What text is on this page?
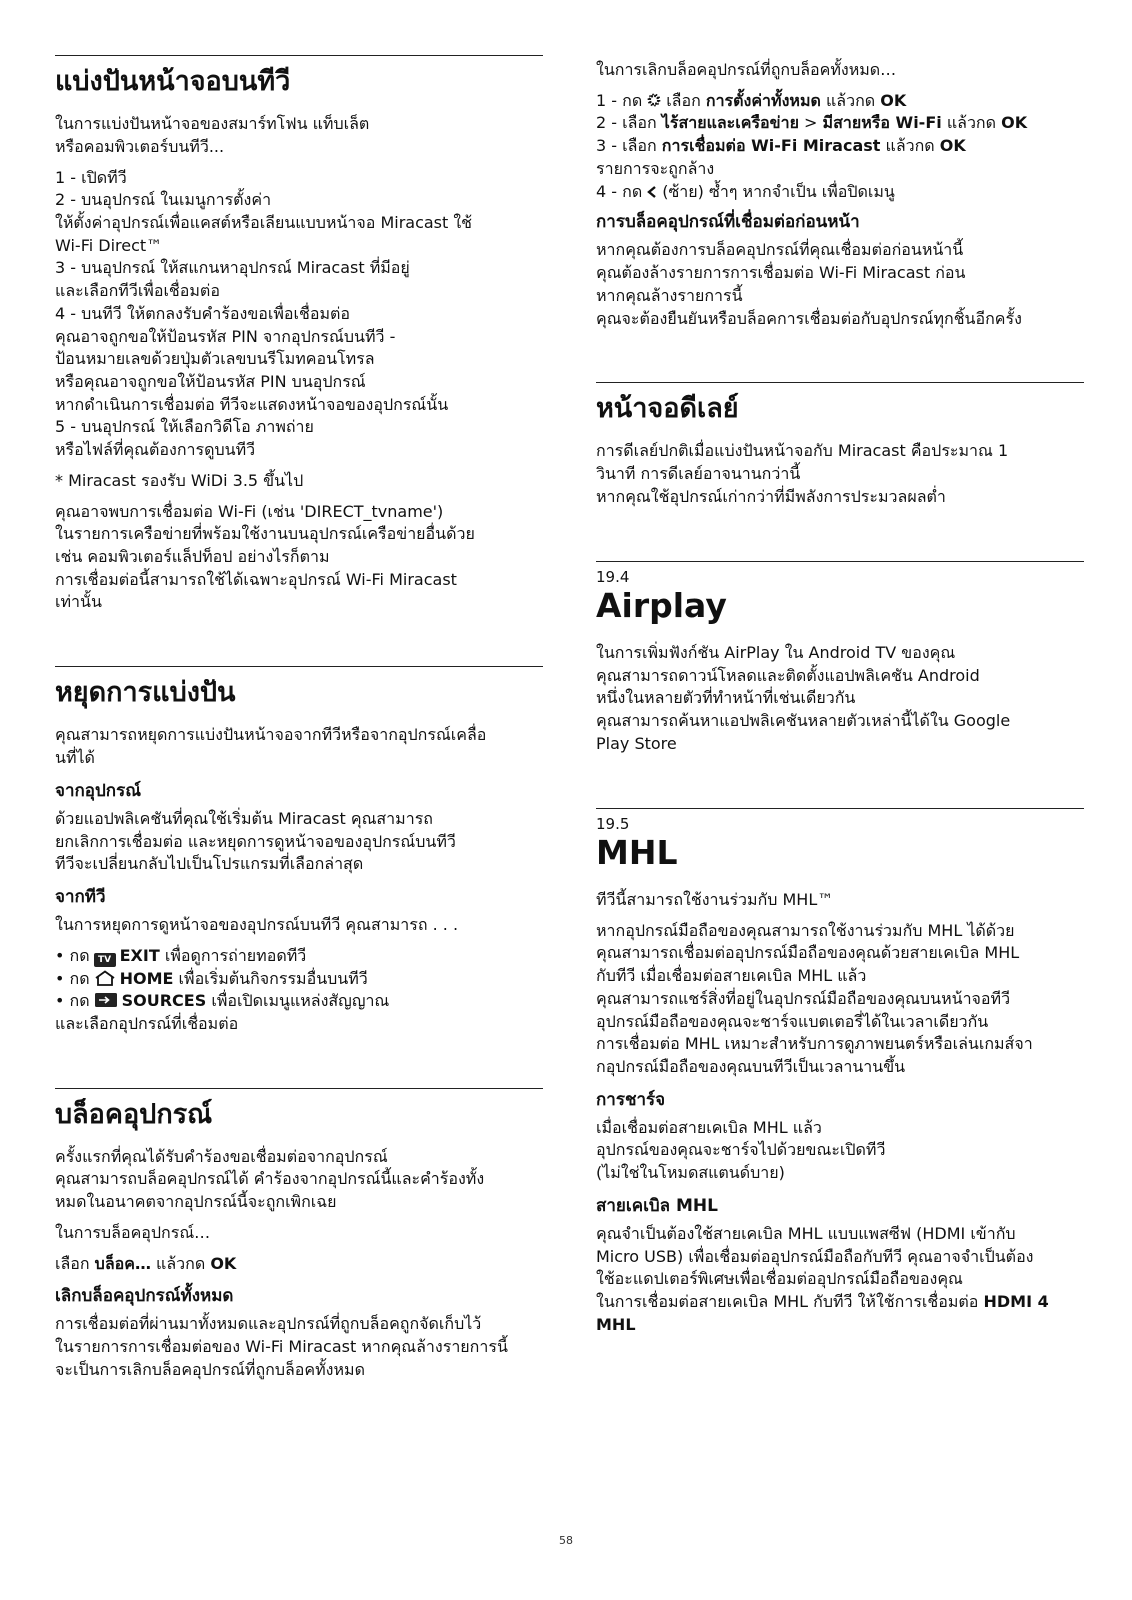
แบ่งปันหน้าจอบนทีวี

ในการแบ่งปันหน้าจอของสมาร์ทโฟน แท็บเล็ต
หรือคอมพิวเตอร์บนทีวี...

1 - เปิดทีวี
2 - บนอุปกรณ์ ในเมนูการตั้งค่า
ให้ตั้งค่าอุปกรณ์เพื่อแคสต์หรือเลียนแบบหน้าจอ Miracast ใช้
Wi-Fi Direct™
3 - บนอุปกรณ์ ให้สแกนหาอุปกรณ์ Miracast ที่มีอยู่
และเลือกทีวีเพื่อเชื่อมต่อ
4 - บนทีวี ให้ตกลงรับคำร้องขอเพื่อเชื่อมต่อ
คุณอาจถูกขอให้ป้อนรหัส PIN จากอุปกรณ์บนทีวี -
ป้อนหมายเลขด้วยปุ่มตัวเลขบนรีโมทคอนโทรล
หรือคุณอาจถูกขอให้ป้อนรหัส PIN บนอุปกรณ์
หากดำเนินการเชื่อมต่อ ทีวีจะแสดงหน้าจอของอุปกรณ์นั้น
5 - บนอุปกรณ์ ให้เลือกวิดีโอ ภาพถ่าย
หรือไฟล์ที่คุณต้องการดูบนทีวี

* Miracast รองรับ WiDi 3.5 ขึ้นไป

คุณอาจพบการเชื่อมต่อ Wi-Fi (เช่น 'DIRECT_tvname')
ในรายการเครือข่ายที่พร้อมใช้งานบนอุปกรณ์เครือข่ายอื่นด้วย
เช่น คอมพิวเตอร์แล็ปท็อป อย่างไรก็ตาม
การเชื่อมต่อนี้สามารถใช้ได้เฉพาะอุปกรณ์ Wi-Fi Miracast
เท่านั้น

หยุดการแบ่งปัน

คุณสามารถหยุดการแบ่งปันหน้าจอจากทีวีหรือจากอุปกรณ์เคลื่อ
นที่ได้

จากอุปกรณ์

ด้วยแอปพลิเคชันที่คุณใช้เริ่มต้น Miracast คุณสามารถ
ยกเลิกการเชื่อมต่อ และหยุดการดูหน้าจอของอุปกรณ์บนทีวี
ทีวีจะเปลี่ยนกลับไปเป็นโปรแกรมที่เลือกล่าสุด

จากทีวี

ในการหยุดการดูหน้าจอของอุปกรณ์บนทีวี คุณสามารถ . . .

• กด TV EXIT เพื่อดูการถ่ายทอดทีวี
• กด HOME เพื่อเริ่มต้นกิจกรรมอื่นบนทีวี
• กด SOURCES เพื่อเปิดเมนูแหล่งสัญญาณ
และเลือกอุปกรณ์ที่เชื่อมต่อ

บล็อคอุปกรณ์

ครั้งแรกที่คุณได้รับคำร้องขอเชื่อมต่อจากอุปกรณ์
คุณสามารถบล็อคอุปกรณ์ได้ คำร้องจากอุปกรณ์นี้และคำร้องทั้ง
หมดในอนาคตจากอุปกรณ์นี้จะถูกเพิกเฉย

ในการบล็อคอุปกรณ์…

เลือก บล็อค… แล้วกด OK

เลิกบล็อคอุปกรณ์ทั้งหมด

การเชื่อมต่อที่ผ่านมาทั้งหมดและอุปกรณ์ที่ถูกบล็อคถูกจัดเก็บไว้
ในรายการการเชื่อมต่อของ Wi-Fi Miracast หากคุณล้างรายการนี้
จะเป็นการเลิกบล็อคอุปกรณ์ที่ถูกบล็อคทั้งหมด

ในการเลิกบล็อคอุปกรณ์ที่ถูกบล็อคทั้งหมด…

1 - กด เลือก การตั้งค่าทั้งหมด แล้วกด OK
2 - เลือก ไร้สายและเครือข่าย > มีสายหรือ Wi-Fi แล้วกด OK
3 - เลือก การเชื่อมต่อ Wi-Fi Miracast แล้วกด OK
รายการจะถูกล้าง
4 - กด (ซ้าย) ซ้ำๆ หากจำเป็น เพื่อปิดเมนู

การบล็อคอุปกรณ์ที่เชื่อมต่อก่อนหน้า

หากคุณต้องการบล็อคอุปกรณ์ที่คุณเชื่อมต่อก่อนหน้านี้
คุณต้องล้างรายการการเชื่อมต่อ Wi-Fi Miracast ก่อน
หากคุณล้างรายการนี้
คุณจะต้องยืนยันหรือบล็อคการเชื่อมต่อกับอุปกรณ์ทุกชิ้นอีกครั้ง

หน้าจอดีเลย์

การดีเลย์ปกติเมื่อแบ่งปันหน้าจอกับ Miracast คือประมาณ 1
วินาที การดีเลย์อาจนานกว่านี้
หากคุณใช้อุปกรณ์เก่ากว่าที่มีพลังการประมวลผลต่ำ

19.4
Airplay

ในการเพิ่มฟังก์ชัน AirPlay ใน Android TV ของคุณ
คุณสามารถดาวน์โหลดและติดตั้งแอปพลิเคชัน Android
หนึ่งในหลายตัวที่ทำหน้าที่เช่นเดียวกัน
คุณสามารถค้นหาแอปพลิเคชันหลายตัวเหล่านี้ได้ใน Google
Play Store

19.5
MHL

ทีวีนี้สามารถใช้งานร่วมกับ MHL™

หากอุปกรณ์มือถือของคุณสามารถใช้งานร่วมกับ MHL ได้ด้วย
คุณสามารถเชื่อมต่ออุปกรณ์มือถือของคุณด้วยสายเคเบิล MHL
กับทีวี เมื่อเชื่อมต่อสายเคเบิล MHL แล้ว
คุณสามารถแชร์สิ่งที่อยู่ในอุปกรณ์มือถือของคุณบนหน้าจอทีวี
อุปกรณ์มือถือของคุณจะชาร์จแบตเตอรี่ได้ในเวลาเดียวกัน
การเชื่อมต่อ MHL เหมาะสำหรับการดูภาพยนตร์หรือเล่นเกมส์จา
กอุปกรณ์มือถือของคุณบนทีวีเป็นเวลานานขึ้น

การชาร์จ

เมื่อเชื่อมต่อสายเคเบิล MHL แล้ว
อุปกรณ์ของคุณจะชาร์จไปด้วยขณะเปิดทีวี
(ไม่ใช่ในโหมดสแตนด์บาย)

สายเคเบิล MHL

คุณจำเป็นต้องใช้สายเคเบิล MHL แบบแพสซีฟ (HDMI เข้ากับ
Micro USB) เพื่อเชื่อมต่ออุปกรณ์มือถือกับทีวี คุณอาจจำเป็นต้อง
ใช้อะแดปเตอร์พิเศษเพื่อเชื่อมต่ออุปกรณ์มือถือของคุณ
ในการเชื่อมต่อสายเคเบิล MHL กับทีวี ให้ใช้การเชื่อมต่อ HDMI 4 MHL

58
